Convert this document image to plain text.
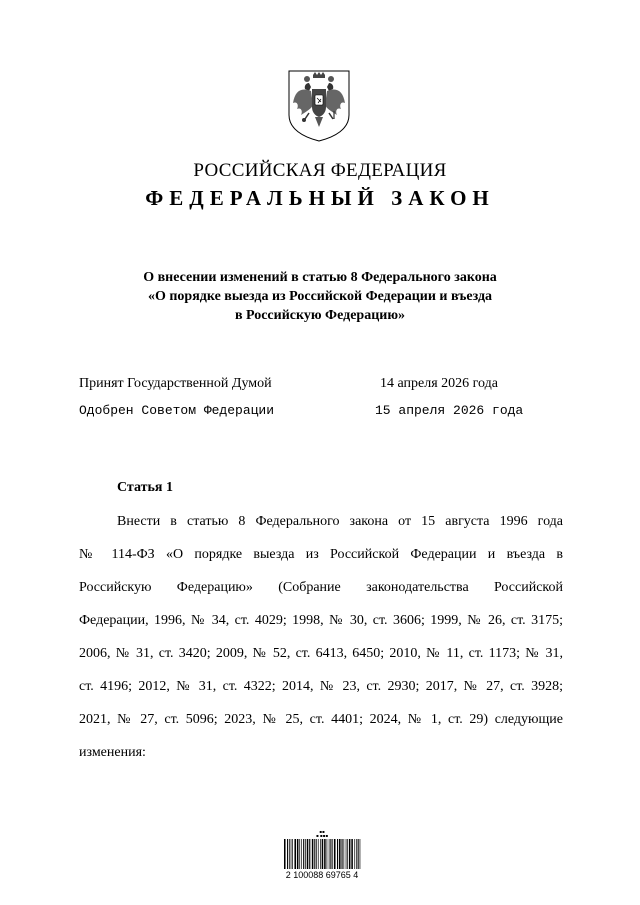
РОССИЙСКАЯ ФЕДЕРАЦИЯ
ФЕДЕРАЛЬНЫЙ ЗАКОН
О внесении изменений в статью 8 Федерального закона
«О порядке выезда из Российской Федерации и въезда
в Российскую Федерацию»
Принят Государственной Думой	14 апреля 2026 года
Одобрен Советом Федерации	15 апреля 2026 года
Статья 1
Внести в статью 8 Федерального закона от 15 августа 1996 года
№ 114-ФЗ «О порядке выезда из Российской Федерации и въезда в
Российскую Федерацию» (Собрание законодательства Российской
Федерации, 1996, № 34, ст. 4029; 1998, № 30, ст. 3606; 1999, № 26, ст. 3175;
2006, № 31, ст. 3420; 2009, № 52, ст. 6413, 6450; 2010, № 11, ст. 1173; № 31,
ст. 4196; 2012, № 31, ст. 4322; 2014, № 23, ст. 2930; 2017, № 27, ст. 3928;
2021, № 27, ст. 5096; 2023, № 25, ст. 4401; 2024, № 1, ст. 29) следующие
изменения:
▪▪
▪ ▪▪▪
2 100088 69765 4
